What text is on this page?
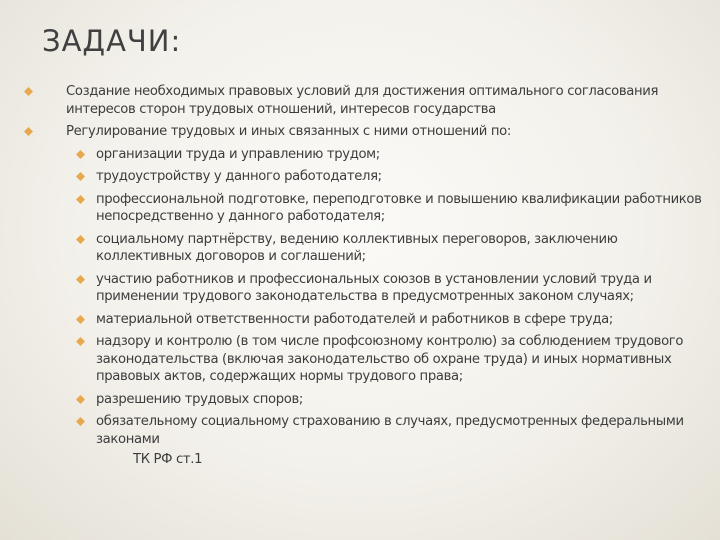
ЗАДАЧИ:
Создание необходимых правовых условий для достижения оптимального согласования интересов сторон трудовых отношений, интересов государства
Регулирование трудовых и иных связанных с ними отношений по:
организации труда и управлению трудом;
трудоустройству у данного работодателя;
профессиональной подготовке, переподготовке и повышению квалификации работников непосредственно у данного работодателя;
социальному партнёрству, ведению коллективных переговоров, заключению коллективных договоров и соглашений;
участию работников и профессиональных союзов в установлении условий труда и применении трудового законодательства в предусмотренных законом случаях;
материальной ответственности работодателей и работников в сфере труда;
надзору и контролю (в том числе профсоюзному контролю) за соблюдением трудового законодательства (включая законодательство об охране труда) и иных нормативных правовых актов, содержащих нормы трудового права;
разрешению трудовых споров;
обязательному социальному страхованию в случаях, предусмотренных федеральными законами
ТК РФ ст.1
